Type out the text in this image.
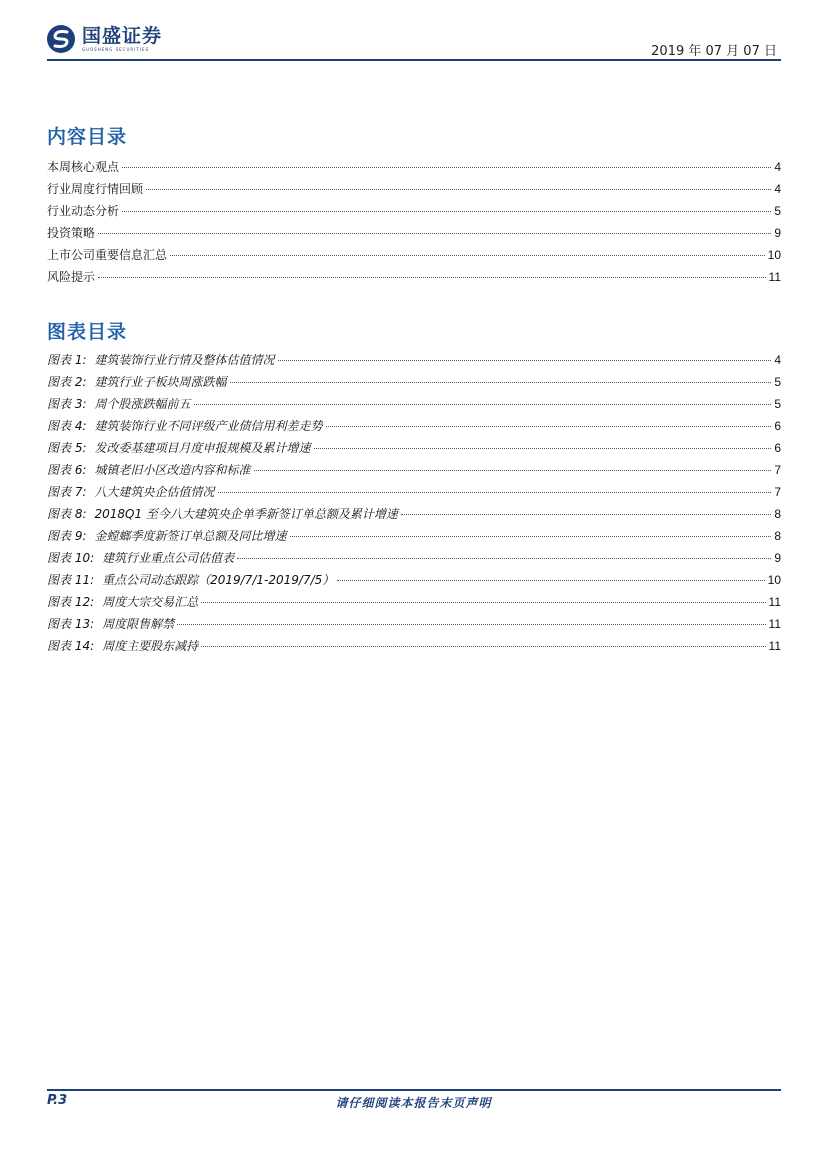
国盛证券
GUOSHENG SECURITIES	2019 年 07 月 07 日
内容目录
本周核心观点	4
行业周度行情回顾	4
行业动态分析	5
投资策略	9
上市公司重要信息汇总	10
风险提示	11
图表目录
图表 1: 建筑装饰行业行情及整体估值情况	4
图表 2: 建筑行业子板块周涨跌幅	5
图表 3: 周个股涨跌幅前五	5
图表 4: 建筑装饰行业不同评级产业债信用利差走势	6
图表 5: 发改委基建项目月度申报规模及累计增速	6
图表 6: 城镇老旧小区改造内容和标准	7
图表 7: 八大建筑央企估值情况	7
图表 8: 2018Q1 至今八大建筑央企单季新签订单总额及累计增速	8
图表 9: 金螳螂季度新签订单总额及同比增速	8
图表 10: 建筑行业重点公司估值表	9
图表 11: 重点公司动态跟踪（2019/7/1-2019/7/5）	10
图表 12: 周度大宗交易汇总	11
图表 13: 周度限售解禁	11
图表 14: 周度主要股东减持	11
P.3	请仔细阅读本报告末页声明
